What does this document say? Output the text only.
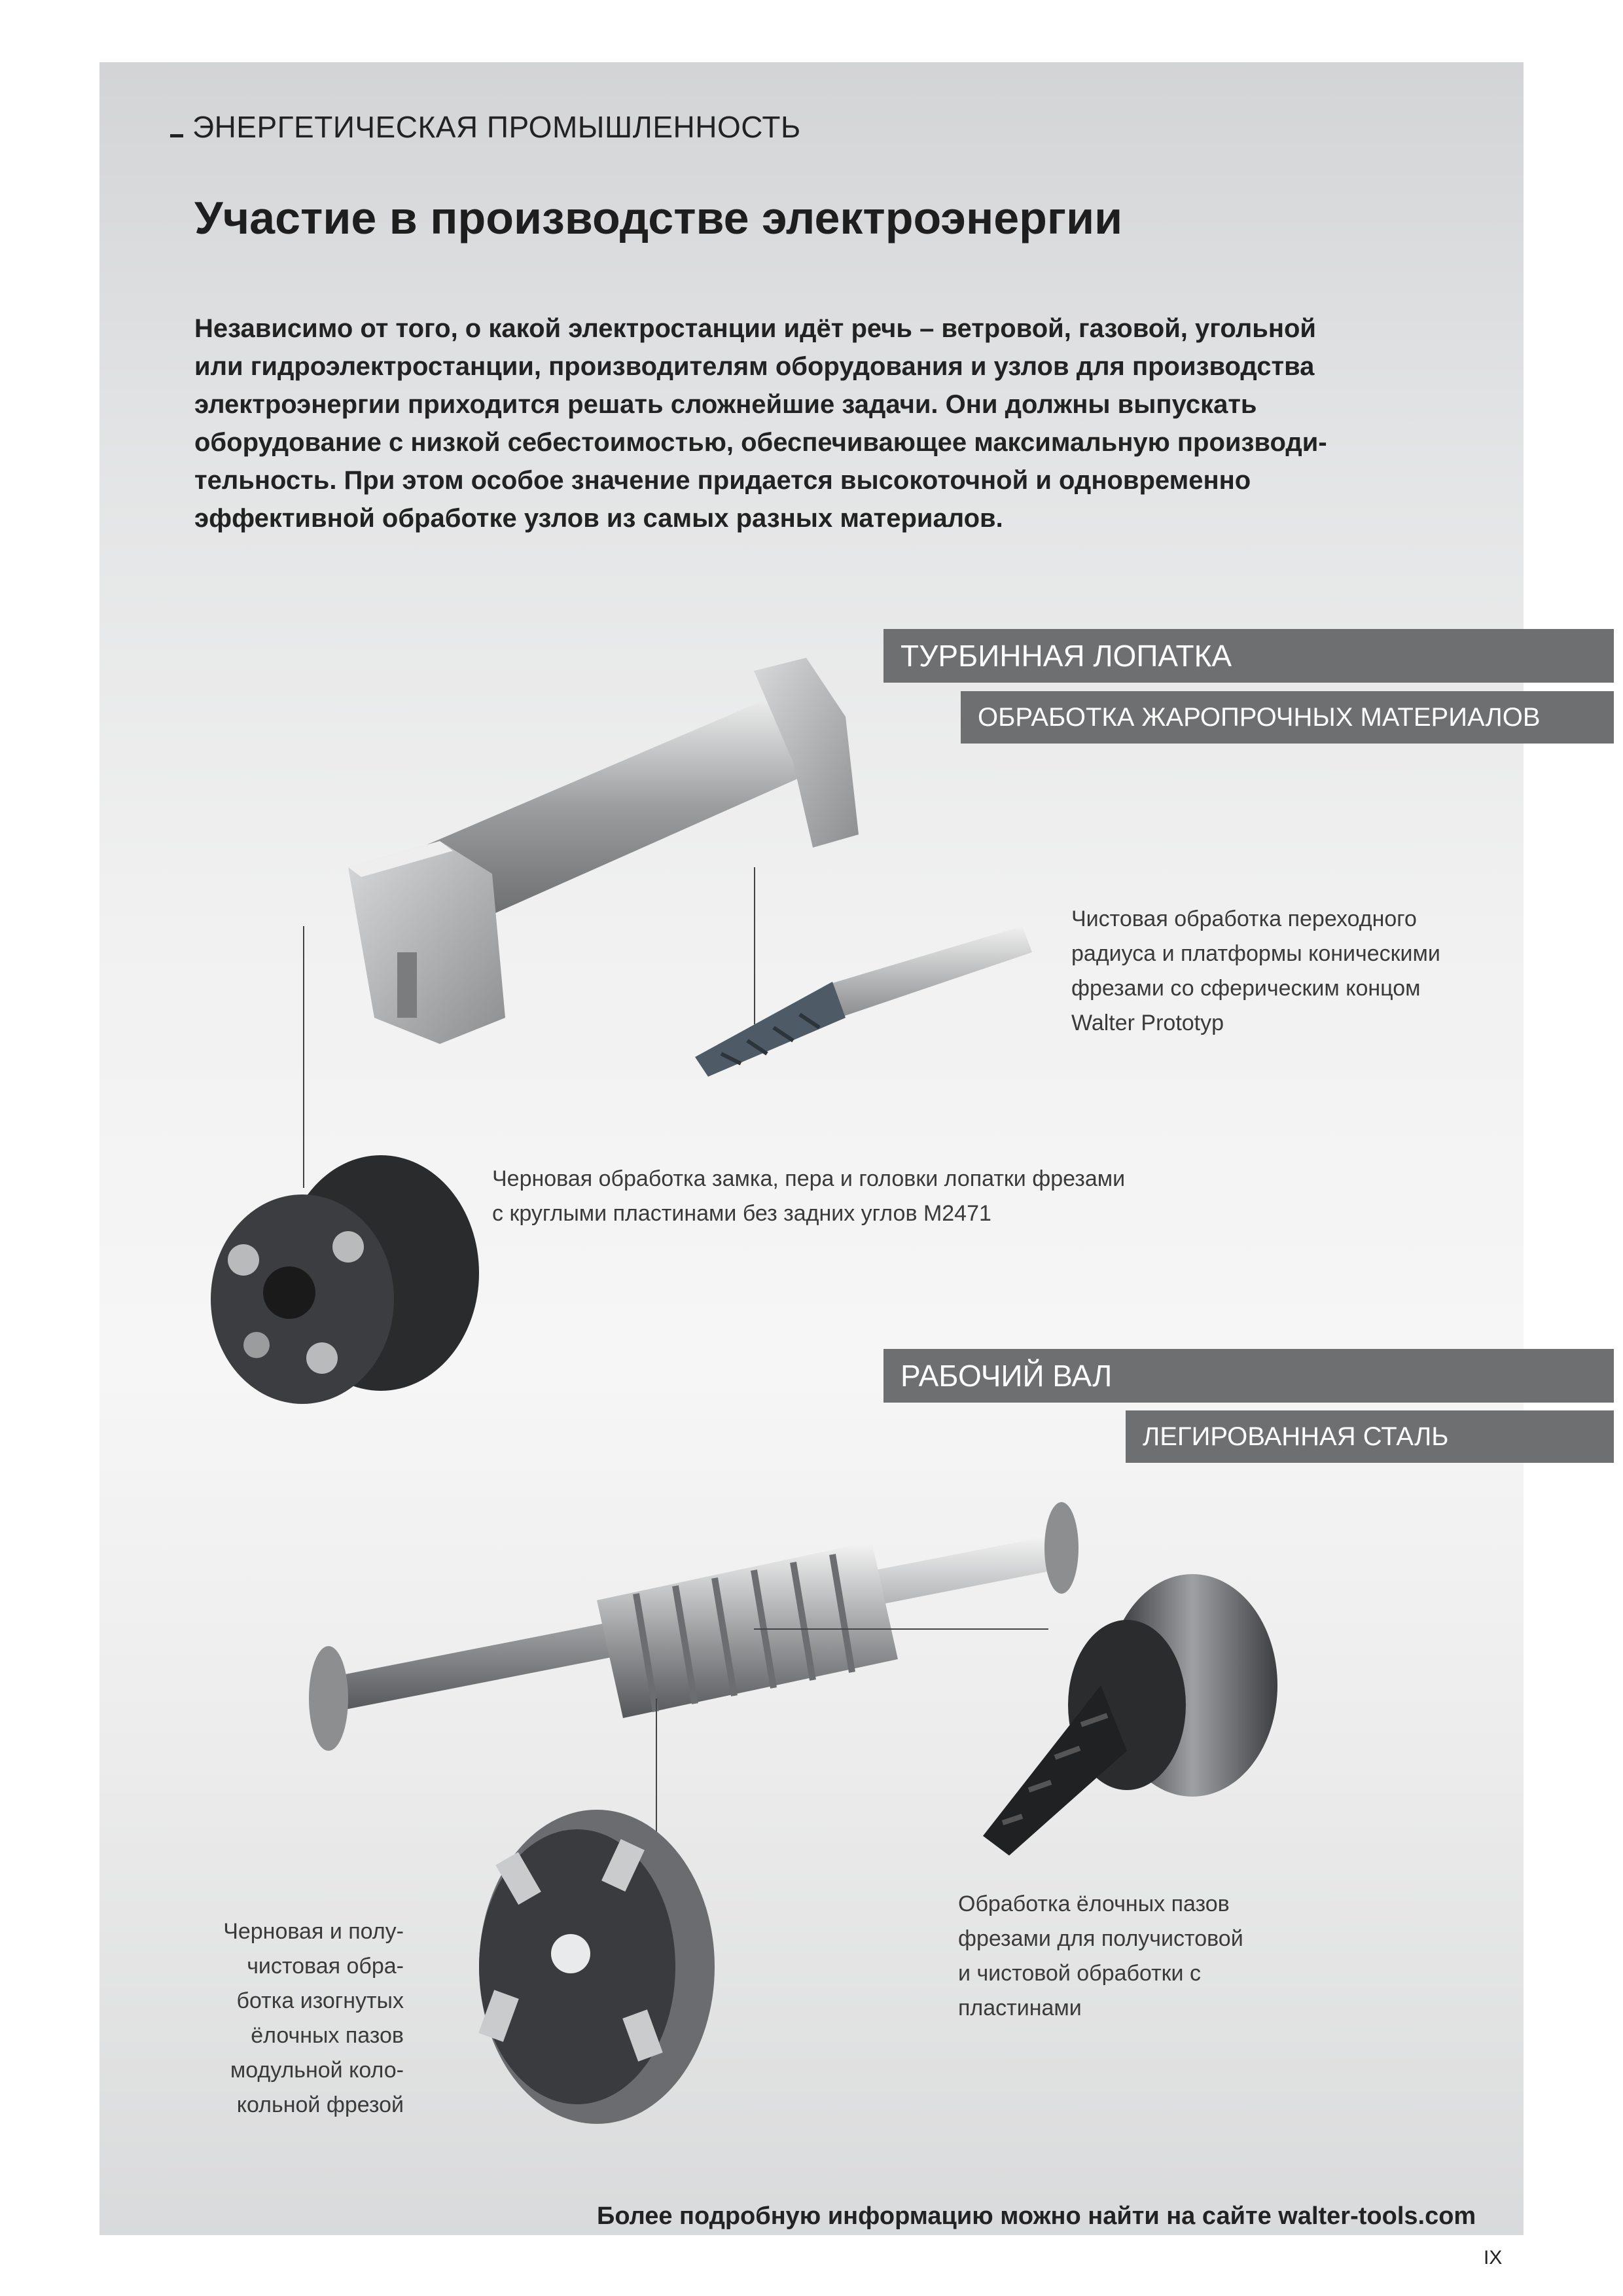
ЭНЕРГЕТИЧЕСКАЯ ПРОМЫШЛЕННОСТЬ
Участие в производстве электроэнергии

Независимо от того, о какой электростанции идёт речь – ветровой, газовой, угольной
или гидроэлектростанции, производителям оборудования и узлов для производства
электроэнергии приходится решать сложнейшие задачи. Они должны выпускать
оборудование с низкой себестоимостью, обеспечивающее максимальную производи-
тельность. При этом особое значение придается высокоточной и одновременно
эффективной обработке узлов из самых разных материалов.

ТУРБИННАЯ ЛОПАТКА
ОБРАБОТКА ЖАРОПРОЧНЫХ МАТЕРИАЛОВ

Чистовая обработка переходного
радиуса и платформы коническими
фрезами со сферическим концом
Walter Prototyp

Черновая обработка замка, пера и головки лопатки фрезами
с круглыми пластинами без задних углов M2471

РАБОЧИЙ ВАЛ
ЛЕГИРОВАННАЯ СТАЛЬ

Обработка ёлочных пазов
фрезами для получистовой
и чистовой обработки с
пластинами

Черновая и полу-
чистовая обра-
ботка изогнутых
ёлочных пазов
модульной коло-
кольной фрезой

Более подробную информацию можно найти на сайте walter-tools.com
IX
